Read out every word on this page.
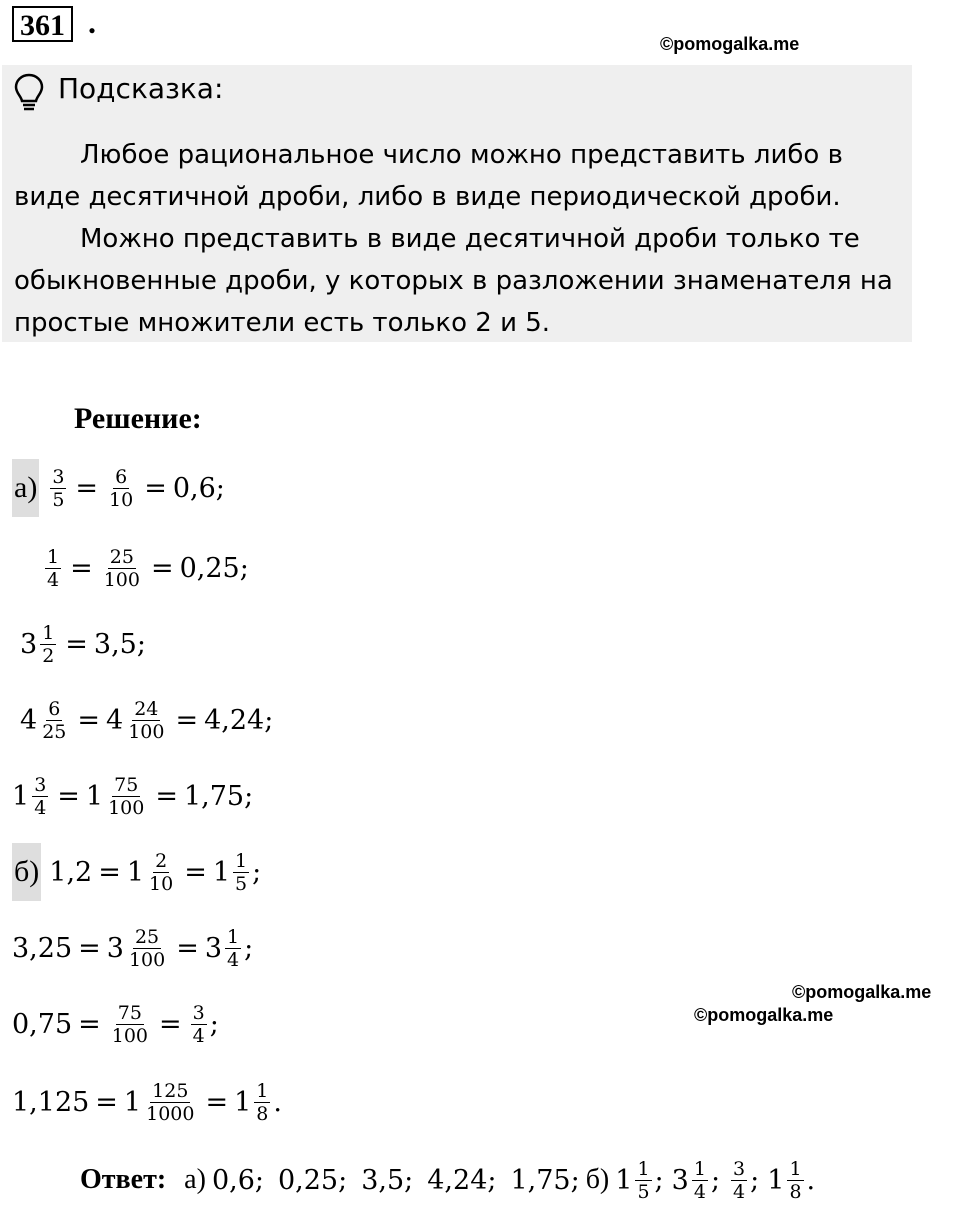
361 .
©pomogalka.me
Подсказка:

Любое рациональное число можно представить либо в виде десятичной дроби, либо в виде периодической дроби.

Можно представить в виде десятичной дроби только те обыкновенные дроби, у которых в разложении знаменателя на простые множители есть только 2 и 5.

Решение:
$а) \frac{3}{5} = \frac{6}{10} = 0,6$;
$\frac{1}{4} = \frac{25}{100} = 0,25$;
$3 \frac{1}{2} = 3,5$;
$4 \frac{6}{25} = 4 \frac{24}{100} = 4,24$;
$1 \frac{3}{4} = 1 \frac{75}{100} = 1,75$;
б) $1,2 = 1 \frac{2}{10} = 1 \frac{1}{5}$ ;
$3,25 = 3 \frac{25}{100} = 3 \frac{1}{4}$ ;
©pomogalka.me
©pomogalka.me
$0,75 = \frac{75}{100} = \frac{3}{4}$ ;
$1,125 = 1 \frac{125}{1000} = 1 \frac{1}{8}$ .
Ответ: а) 0,6; 0,25; 3,5; 4,24; 1,75; б) $1 \frac{1}{5}$ ; $3 \frac{1}{4}$ ; $\frac{3}{4}$ ; $1 \frac{1}{8}$ .
